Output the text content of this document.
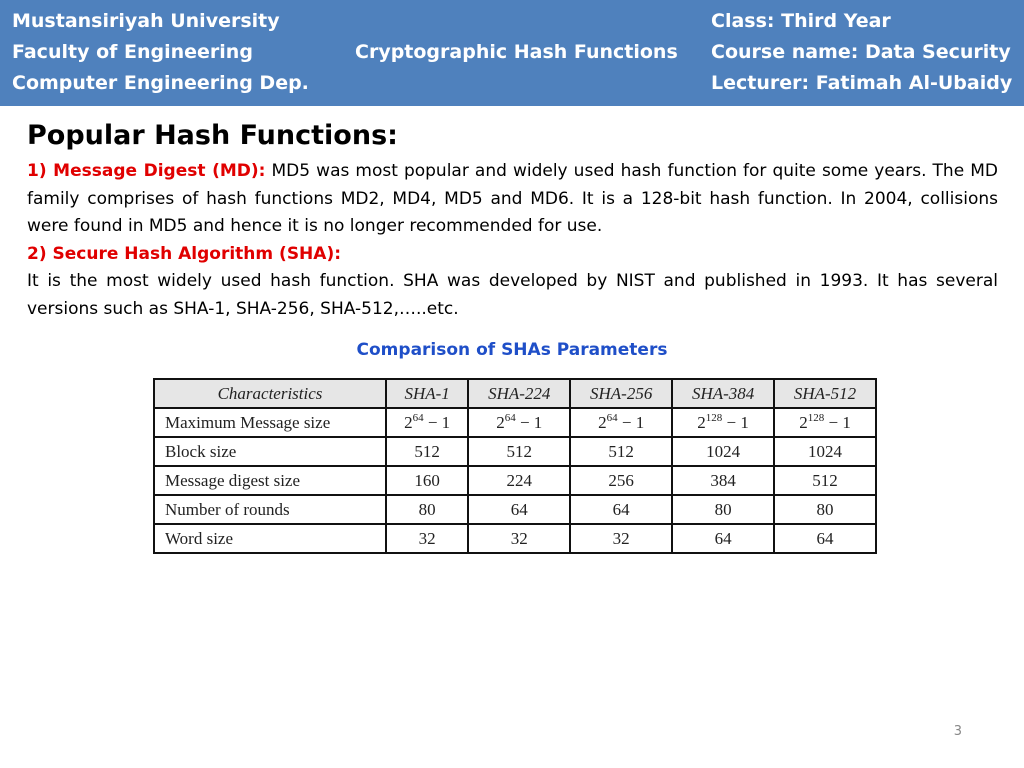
Mustansiriyah University
Faculty of Engineering
Computer Engineering Dep.
Cryptographic Hash Functions
Class: Third Year
Course name: Data Security
Lecturer: Fatimah Al-Ubaidy
Popular Hash Functions:

1) Message Digest (MD): MD5 was most popular and widely used hash function for quite some years. The MD family comprises of hash functions MD2, MD4, MD5 and MD6. It is a 128-bit hash function. In 2004, collisions were found in MD5 and hence it is no longer recommended for use.

2) Secure Hash Algorithm (SHA):

It is the most widely used hash function. SHA was developed by NIST and published in 1993. It has several versions such as SHA-1, SHA-256, SHA-512,…..etc.

Comparison of SHAs Parameters
Characteristics	SHA-1	SHA-224	SHA-256	SHA-384	SHA-512
Maximum Message size	$2^{64} - 1$	$2^{64} - 1$	$2^{64} - 1$	$2^{128} - 1$	$2^{128} - 1$
Block size	512	512	512	1024	1024
Message digest size	160	224	256	384	512
Number of rounds	80	64	64	80	80
Word size	32	32	32	64	64
3
